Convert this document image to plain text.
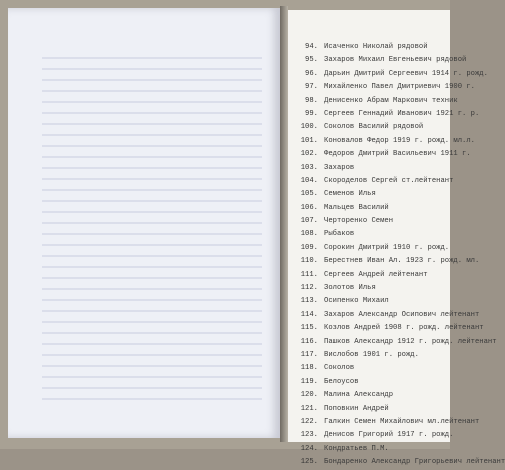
94. Исаченко Николай рядовой
95. Захаров Михаил Евгеньевич рядовой
96. Дарьин Дмитрий Сергеевич 1914 г. рожд.
97. Михайленко Павел Дмитриевич 1900 г.
98. Денисенко Абрам Маркович техник
99. Сергеев Геннадий Иванович 1921 г. р.
100. Соколов Василий рядовой
101. Коновалов Федор 1919 г. рожд. мл.л.
102. Федоров Дмитрий Васильевич 1911 г.
103. Захаров
104. Скороделов Сергей ст.лейтенант
105. Семенов Илья
106. Мальцев Василий
107. Черторенко Семен
108. Рыбаков
109. Сорокин Дмитрий 1910 г. рожд.
110. Берестнев Иван Ал. 1923 г. рожд. мл.
111. Сергеев Андрей лейтенант
112. Золотов Илья
113. Осипенко Михаил
114. Захаров Александр Осипович лейтенант
115. Козлов Андрей 1908 г. рожд. лейтенант
116. Пашков Александр 1912 г. рожд. лейтенант
117. Вислобов 1901 г. рожд.
118. Соколов
119. Белоусов
120. Малина Александр
121. Поповкин Андрей
122. Галкин Семен Михайлович мл.лейтенант
123. Денисов Григорий 1917 г. рожд.
124. Кондратьев П.М.
125. Бондаренко Александр Григорьевич лейтенант
